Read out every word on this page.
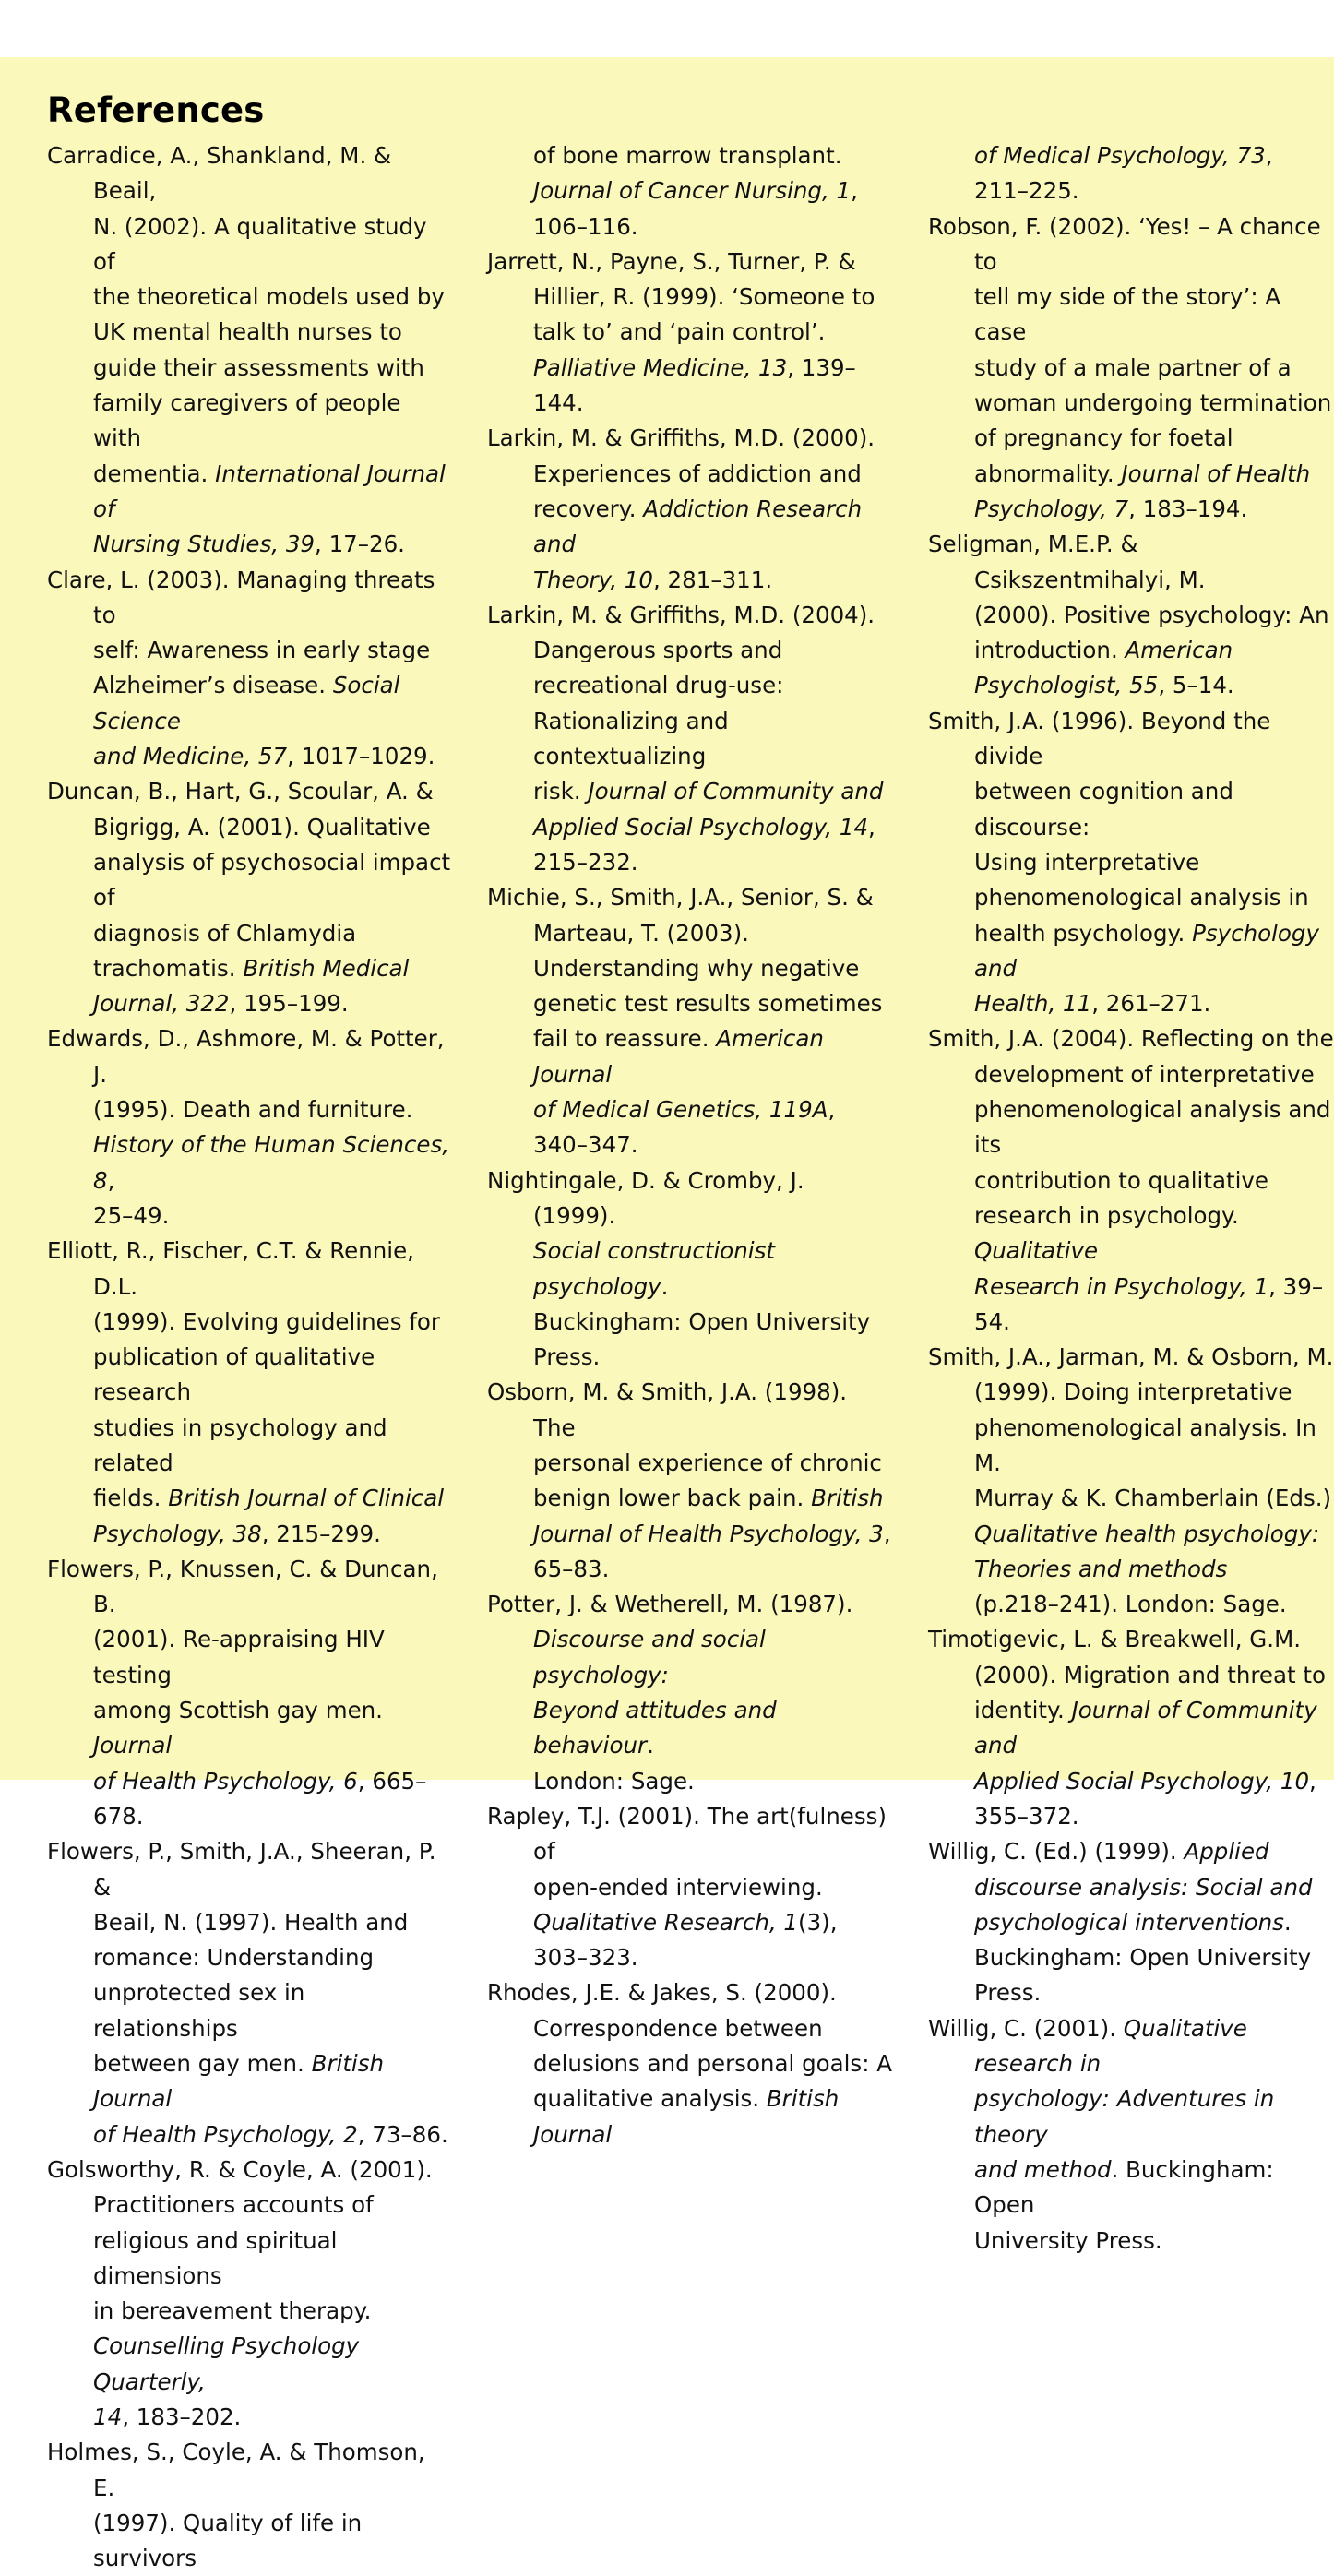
References

Carradice, A., Shankland, M. & Beail,
N. (2002). A qualitative study of
the theoretical models used by
UK mental health nurses to
guide their assessments with
family caregivers of people with
dementia. International Journal of
Nursing Studies, 39, 17–26.

Clare, L. (2003). Managing threats to
self: Awareness in early stage
Alzheimer’s disease. Social Science
and Medicine, 57, 1017–1029.

Duncan, B., Hart, G., Scoular, A. &
Bigrigg, A. (2001). Qualitative
analysis of psychosocial impact of
diagnosis of Chlamydia
trachomatis. British Medical
Journal, 322, 195–199.

Edwards, D., Ashmore, M. & Potter, J.
(1995). Death and furniture.
History of the Human Sciences, 8,
25–49.

Elliott, R., Fischer, C.T. & Rennie, D.L.
(1999). Evolving guidelines for
publication of qualitative research
studies in psychology and related
fields. British Journal of Clinical
Psychology, 38, 215–299.

Flowers, P., Knussen, C. & Duncan, B.
(2001). Re-appraising HIV testing
among Scottish gay men. Journal
of Health Psychology, 6, 665–678.

Flowers, P., Smith, J.A., Sheeran, P. &
Beail, N. (1997). Health and
romance: Understanding
unprotected sex in relationships
between gay men. British Journal
of Health Psychology, 2, 73–86.

Golsworthy, R. & Coyle, A. (2001).
Practitioners accounts of
religious and spiritual dimensions
in bereavement therapy.
Counselling Psychology Quarterly,
14, 183–202.

Holmes, S., Coyle, A. & Thomson, E.
(1997). Quality of life in survivors

of bone marrow transplant.
Journal of Cancer Nursing, 1,
106–116.

Jarrett, N., Payne, S., Turner, P. &
Hillier, R. (1999). ‘Someone to
talk to’ and ‘pain control’.
Palliative Medicine, 13, 139–144.

Larkin, M. & Griffiths, M.D. (2000).
Experiences of addiction and
recovery. Addiction Research and
Theory, 10, 281–311.

Larkin, M. & Griffiths, M.D. (2004).
Dangerous sports and
recreational drug-use:
Rationalizing and contextualizing
risk. Journal of Community and
Applied Social Psychology, 14,
215–232.

Michie, S., Smith, J.A., Senior, S. &
Marteau, T. (2003).
Understanding why negative
genetic test results sometimes
fail to reassure. American Journal
of Medical Genetics, 119A,
340–347.

Nightingale, D. & Cromby, J. (1999).
Social constructionist psychology.
Buckingham: Open University
Press.

Osborn, M. & Smith, J.A. (1998). The
personal experience of chronic
benign lower back pain. British
Journal of Health Psychology, 3,
65–83.

Potter, J. & Wetherell, M. (1987).
Discourse and social psychology:
Beyond attitudes and behaviour.
London: Sage.

Rapley, T.J. (2001). The art(fulness) of
open-ended interviewing.
Qualitative Research, 1(3),
303–323.

Rhodes, J.E. & Jakes, S. (2000).
Correspondence between
delusions and personal goals: A
qualitative analysis. British Journal

of Medical Psychology, 73,
211–225.

Robson, F. (2002). ‘Yes! – A chance to
tell my side of the story’: A case
study of a male partner of a
woman undergoing termination
of pregnancy for foetal
abnormality. Journal of Health
Psychology, 7, 183–194.

Seligman, M.E.P. & Csikszentmihalyi, M.
(2000). Positive psychology: An
introduction. American
Psychologist, 55, 5–14.

Smith, J.A. (1996). Beyond the divide
between cognition and discourse:
Using interpretative
phenomenological analysis in
health psychology. Psychology and
Health, 11, 261–271.

Smith, J.A. (2004). Reflecting on the
development of interpretative
phenomenological analysis and its
contribution to qualitative
research in psychology. Qualitative
Research in Psychology, 1, 39–54.

Smith, J.A., Jarman, M. & Osborn, M.
(1999). Doing interpretative
phenomenological analysis. In M.
Murray & K. Chamberlain (Eds.)
Qualitative health psychology:
Theories and methods
(p.218–241). London: Sage.

Timotigevic, L. & Breakwell, G.M.
(2000). Migration and threat to
identity. Journal of Community and
Applied Social Psychology, 10,
355–372.

Willig, C. (Ed.) (1999). Applied
discourse analysis: Social and
psychological interventions.
Buckingham: Open University
Press.

Willig, C. (2001). Qualitative research in
psychology: Adventures in theory
and method. Buckingham: Open
University Press.
